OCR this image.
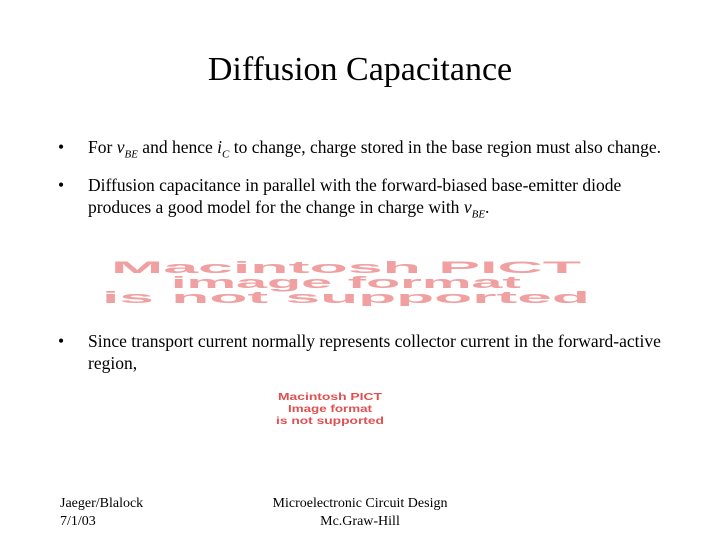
Diffusion Capacitance
• For $v_{BE}$ and hence $i_C$ to change, charge stored in the base region must also change.
• Diffusion capacitance in parallel with the forward-biased base-emitter diode produces a good model for the change in charge with $v_{BE}$.
Macintosh PICT
image format
is not supported
• Since transport current normally represents collector current in the forward-active region,
Macintosh PICT
Image format
is not supported
Jaeger/Blalock
7/1/03
Microelectronic Circuit Design
Mc.Graw-Hill
